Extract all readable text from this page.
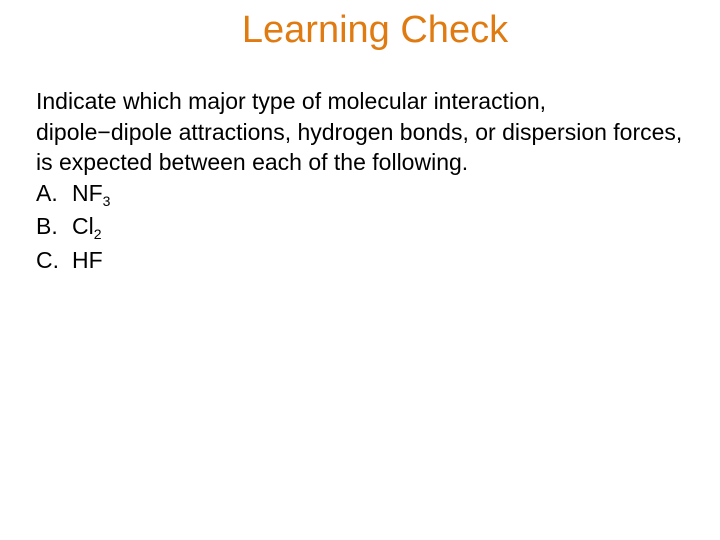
Learning Check

Indicate which major type of molecular interaction, dipole−dipole attractions, hydrogen bonds, or dispersion forces, is expected between each of the following.

A. $NF_3$
B. $Cl_2$
C. HF
